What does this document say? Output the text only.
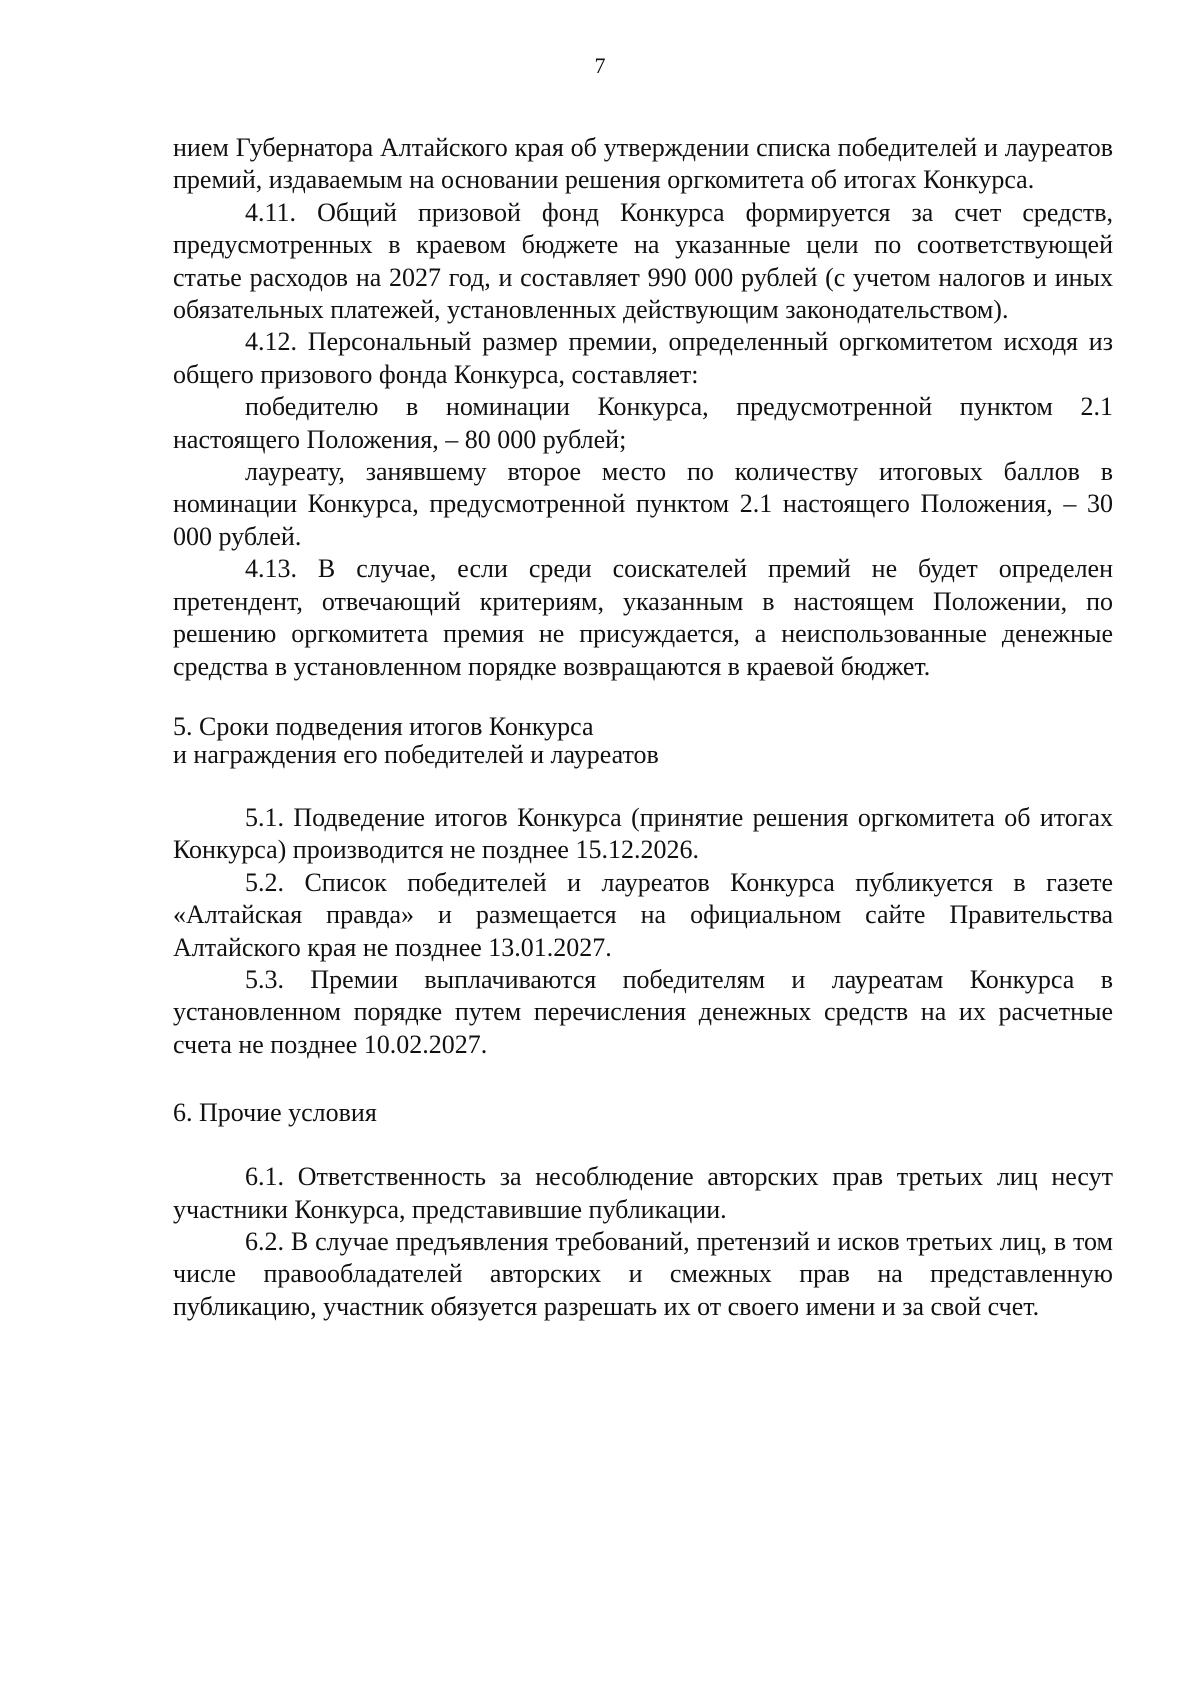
7

нием Губернатора Алтайского края об утверждении списка победителей и лауреатов премий, издаваемым на основании решения оргкомитета об итогах Конкурса.

4.11. Общий призовой фонд Конкурса формируется за счет средств, предусмотренных в краевом бюджете на указанные цели по соответствующей статье расходов на 2027 год, и составляет 990 000 рублей (с учетом налогов и иных обязательных платежей, установленных действующим законодательством).

4.12. Персональный размер премии, определенный оргкомитетом исходя из общего призового фонда Конкурса, составляет:

победителю в номинации Конкурса, предусмотренной пунктом 2.1 настоящего Положения, – 80 000 рублей;

лауреату, занявшему второе место по количеству итоговых баллов в номинации Конкурса, предусмотренной пунктом 2.1 настоящего Положения, – 30 000 рублей.

4.13. В случае, если среди соискателей премий не будет определен претендент, отвечающий критериям, указанным в настоящем Положении, по решению оргкомитета премия не присуждается, а неиспользованные денежные средства в установленном порядке возвращаются в краевой бюджет.

5. Сроки подведения итогов Конкурса

и награждения его победителей и лауреатов

5.1. Подведение итогов Конкурса (принятие решения оргкомитета об итогах Конкурса) производится не позднее 15.12.2026.

5.2. Список победителей и лауреатов Конкурса публикуется в газете «Алтайская правда» и размещается на официальном сайте Правительства Алтайского края не позднее 13.01.2027.

5.3. Премии выплачиваются победителям и лауреатам Конкурса в установленном порядке путем перечисления денежных средств на их расчетные счета не позднее 10.02.2027.

6. Прочие условия

6.1. Ответственность за несоблюдение авторских прав третьих лиц несут участники Конкурса, представившие публикации.

6.2. В случае предъявления требований, претензий и исков третьих лиц, в том числе правообладателей авторских и смежных прав на представленную публикацию, участник обязуется разрешать их от своего имени и за свой счет.
